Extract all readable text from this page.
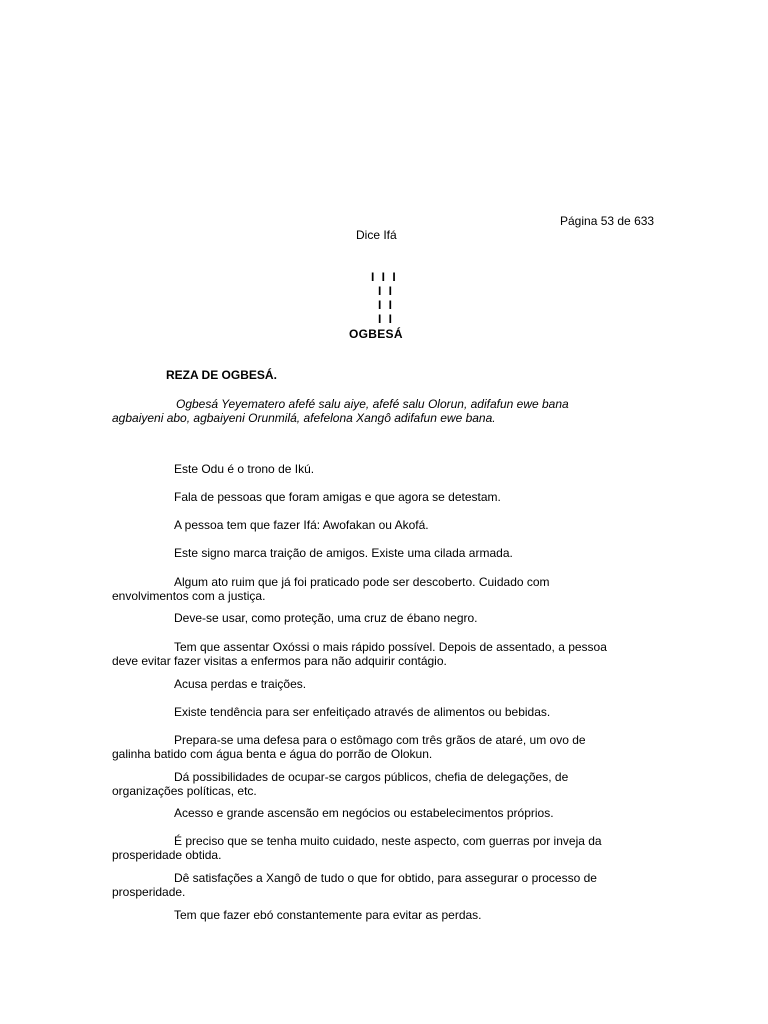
Página 53 de 633
Dice Ifá
I I I
I I
I I
I I
OGBESÁ
REZA DE OGBESÁ.
Ogbesá Yeyematero afefé salu aiye, afefé salu Olorun, adifafun ewe bana
agbaiyeni abo, agbaiyeni Orunmilá, afefelona Xangô adifafun ewe bana.
Este Odu é o trono de Ikú.
Fala de pessoas que foram amigas e que agora se detestam.
A pessoa tem que fazer Ifá: Awofakan ou Akofá.
Este signo marca traição de amigos. Existe uma cilada armada.
Algum ato ruim que já foi praticado pode ser descoberto. Cuidado com
envolvimentos com a justiça.
Deve-se usar, como proteção, uma cruz de ébano negro.
Tem que assentar Oxóssi o mais rápido possível. Depois de assentado, a pessoa
deve evitar fazer visitas a enfermos para não adquirir contágio.
Acusa perdas e traições.
Existe tendência para ser enfeitiçado através de alimentos ou bebidas.
Prepara-se uma defesa para o estômago com três grãos de ataré, um ovo de
galinha batido com água benta e água do porrão de Olokun.
Dá possibilidades de ocupar-se cargos públicos, chefia de delegações, de
organizações políticas, etc.
Acesso e grande ascensão em negócios ou estabelecimentos próprios.
É preciso que se tenha muito cuidado, neste aspecto, com guerras por inveja da
prosperidade obtida.
Dê satisfações a Xangô de tudo o que for obtido, para assegurar o processo de
prosperidade.
Tem que fazer ebó constantemente para evitar as perdas.
